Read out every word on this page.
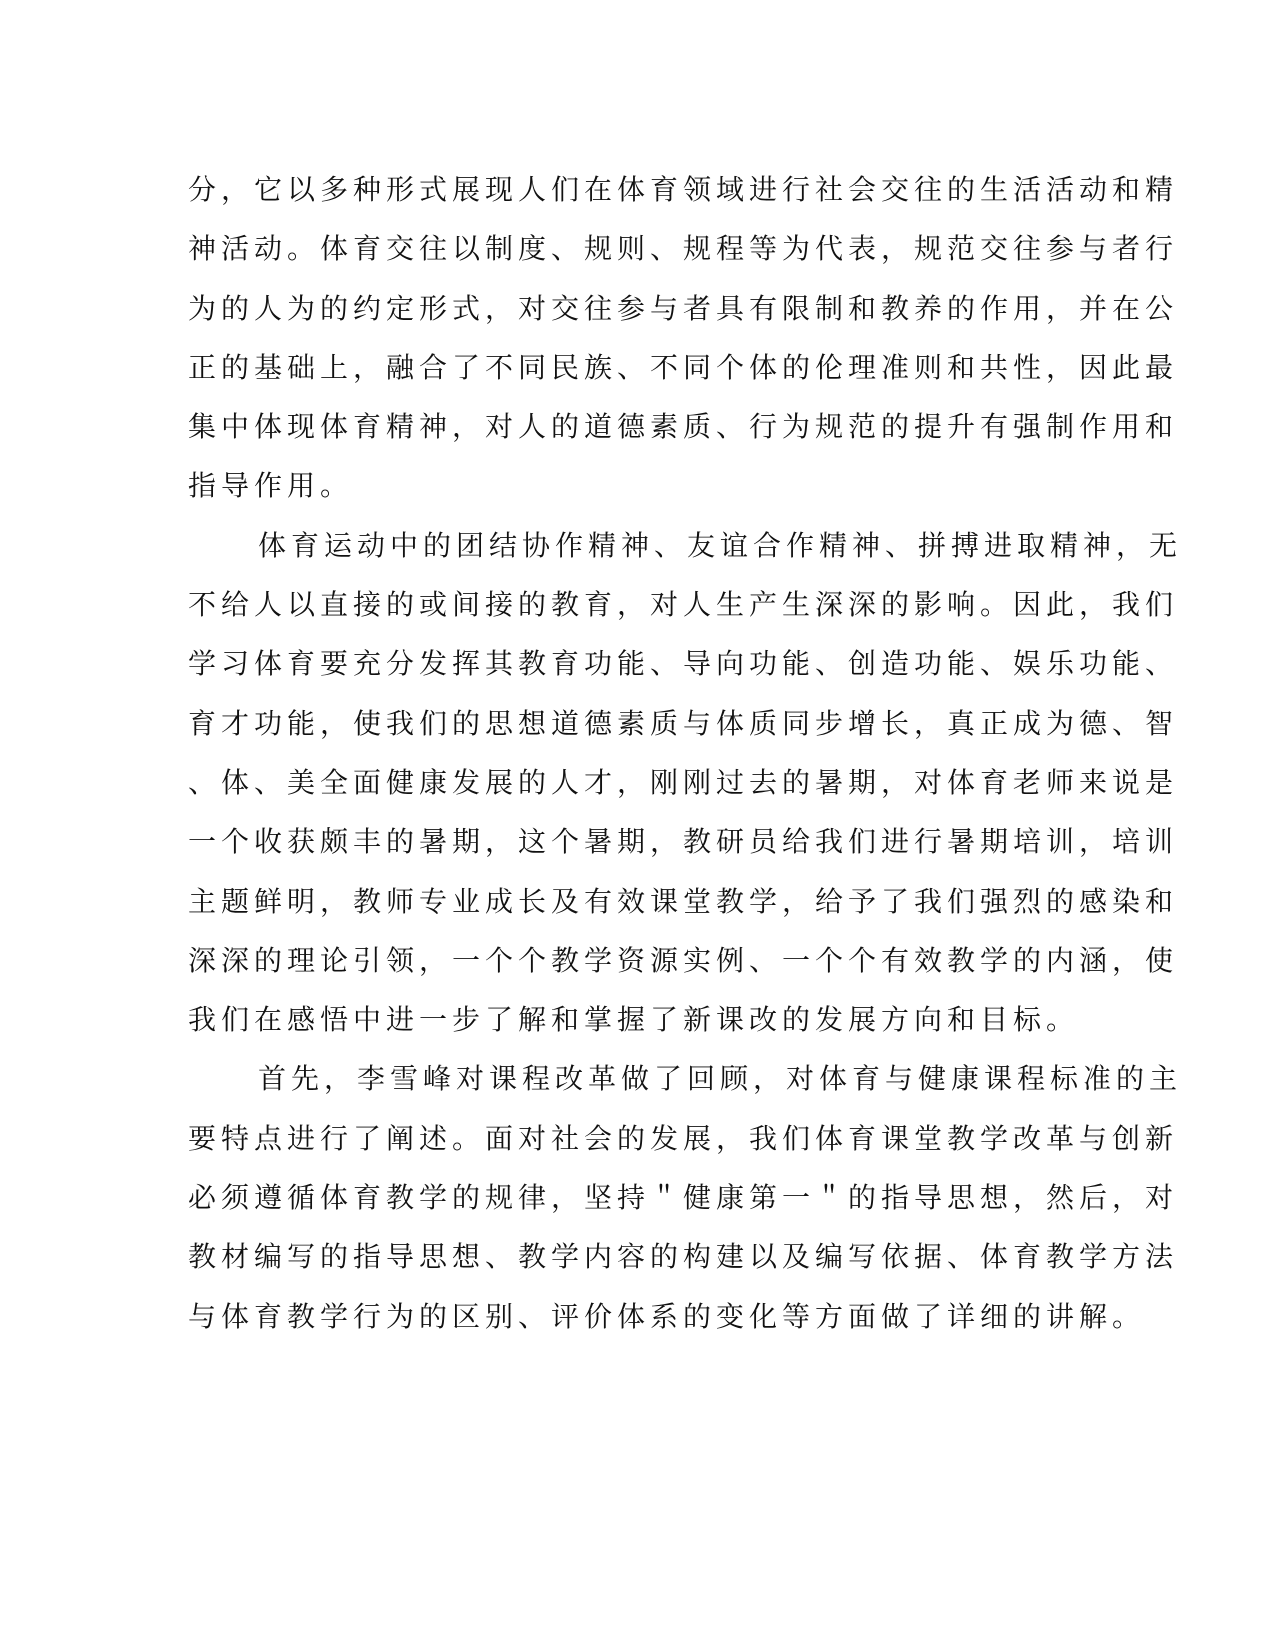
分，它以多种形式展现人们在体育领域进行社会交往的生活活动和精
神活动。体育交往以制度、规则、规程等为代表，规范交往参与者行
为的人为的约定形式，对交往参与者具有限制和教养的作用，并在公
正的基础上，融合了不同民族、不同个体的伦理准则和共性，因此最
集中体现体育精神，对人的道德素质、行为规范的提升有强制作用和
指导作用。
体育运动中的团结协作精神、友谊合作精神、拼搏进取精神，无
不给人以直接的或间接的教育，对人生产生深深的影响。因此，我们
学习体育要充分发挥其教育功能、导向功能、创造功能、娱乐功能、
育才功能，使我们的思想道德素质与体质同步增长，真正成为德、智
、体、美全面健康发展的人才，刚刚过去的暑期，对体育老师来说是
一个收获颇丰的暑期，这个暑期，教研员给我们进行暑期培训，培训
主题鲜明，教师专业成长及有效课堂教学，给予了我们强烈的感染和
深深的理论引领，一个个教学资源实例、一个个有效教学的内涵，使
我们在感悟中进一步了解和掌握了新课改的发展方向和目标。
首先，李雪峰对课程改革做了回顾，对体育与健康课程标准的主
要特点进行了阐述。面对社会的发展，我们体育课堂教学改革与创新
必须遵循体育教学的规律，坚持＂健康第一＂的指导思想，然后，对
教材编写的指导思想、教学内容的构建以及编写依据、体育教学方法
与体育教学行为的区别、评价体系的变化等方面做了详细的讲解。
